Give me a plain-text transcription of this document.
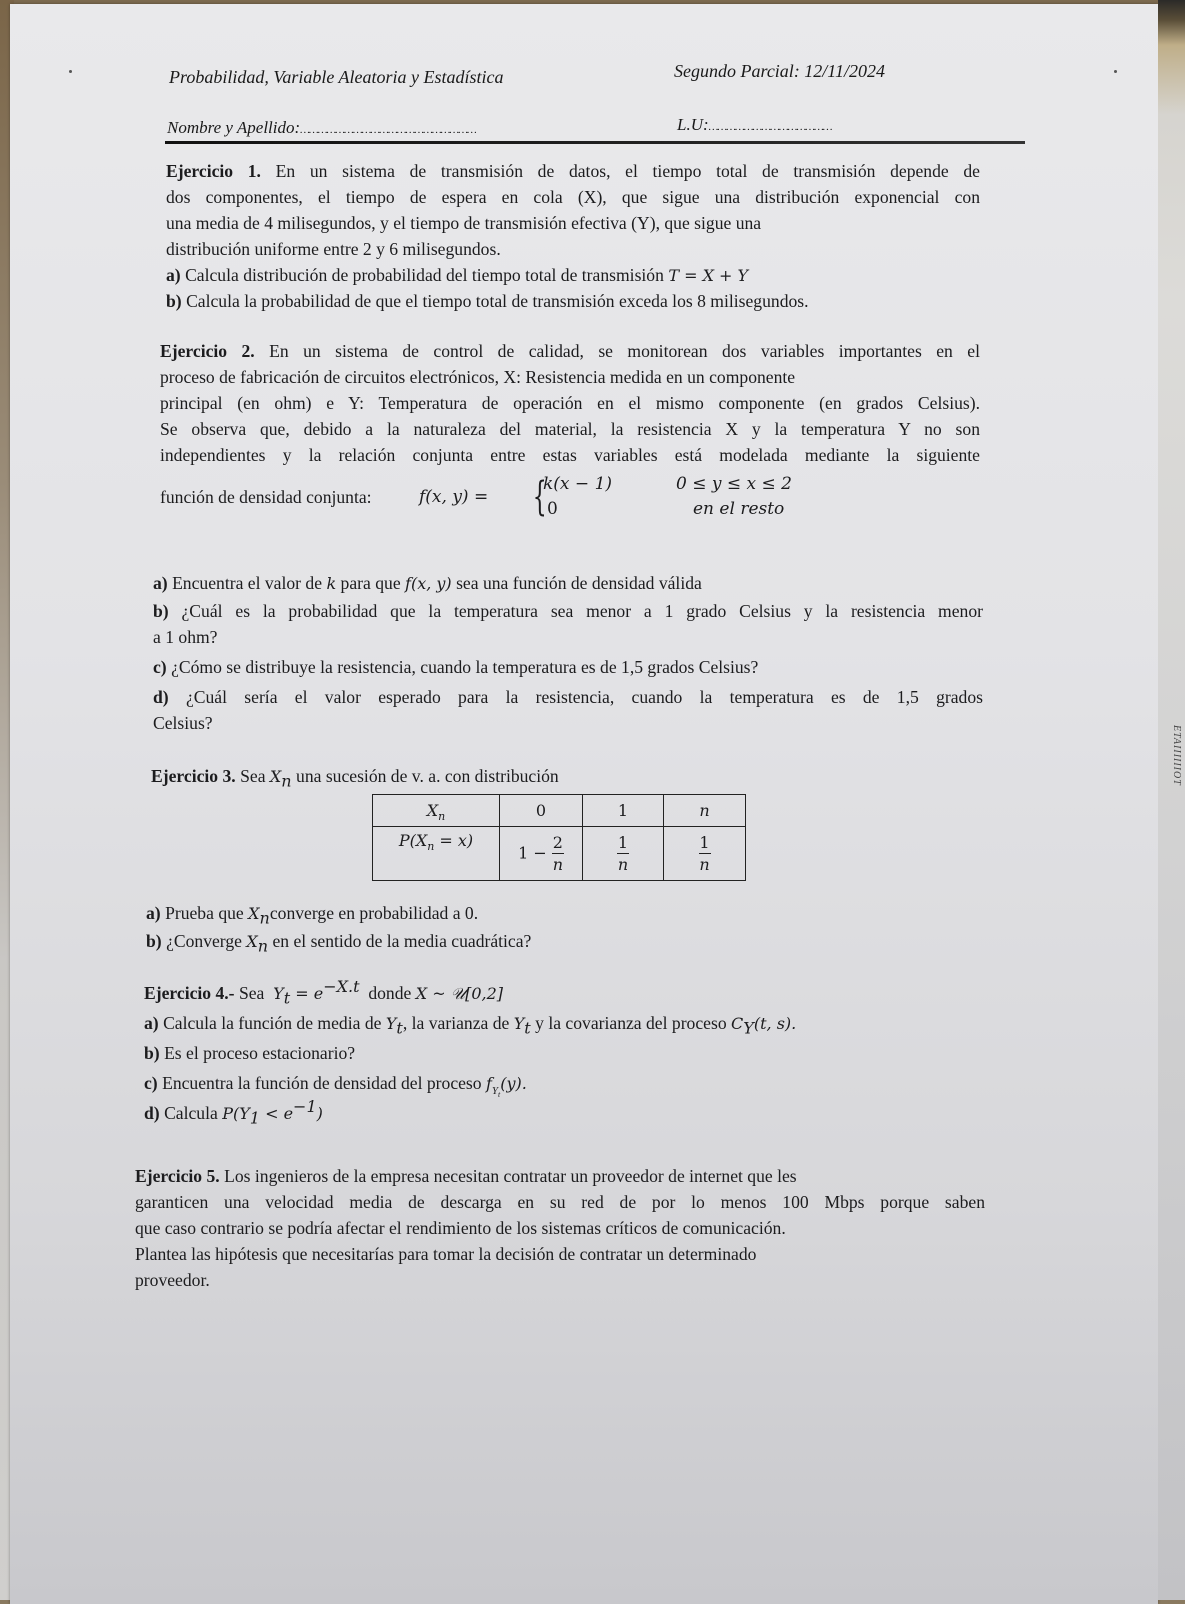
ETAIIIIIIOT
Probabilidad, Variable Aleatoria y Estadística	Segundo Parcial: 12/11/2024
Nombre y Apellido:……………………………………………………	L.U:……………………………………
Ejercicio 1. En un sistema de transmisión de datos, el tiempo total de transmisión depende de
dos componentes, el tiempo de espera en cola (X), que sigue una distribución exponencial con
una media de 4 milisegundos, y el tiempo de transmisión efectiva (Y), que sigue una
distribución uniforme entre 2 y 6 milisegundos.
a) Calcula distribución de probabilidad del tiempo total de transmisión T = X + Y
b) Calcula la probabilidad de que el tiempo total de transmisión exceda los 8 milisegundos.
Ejercicio 2. En un sistema de control de calidad, se monitorean dos variables importantes en el
proceso de fabricación de circuitos electrónicos, X: Resistencia medida en un componente
principal (en ohm) e Y: Temperatura de operación en el mismo componente (en grados Celsius).
Se observa que, debido a la naturaleza del material, la resistencia X y la temperatura Y no son
independientes y la relación conjunta entre estas variables está modelada mediante la siguiente
función de densidad conjunta:	f(x, y) = {
k(x − 1)	0 ≤ y ≤ x ≤ 2
0	en el resto
a) Encuentra el valor de k para que f(x, y) sea una función de densidad válida
b) ¿Cuál es la probabilidad que la temperatura sea menor a 1 grado Celsius y la resistencia menor
a 1 ohm?
c) ¿Cómo se distribuye la resistencia, cuando la temperatura es de 1,5 grados Celsius?
d) ¿Cuál sería el valor esperado para la resistencia, cuando la temperatura es de 1,5 grados
Celsius?
Ejercicio 3. Sea $X_n$ una sucesión de v. a. con distribución
$X_n$	0	1	n
$P(X_n = x)$	$1 - \frac{2}{n}$	$\frac{1}{n}$	$\frac{1}{n}$
a) Prueba que $X_nconverge$ en probabilidad a 0.
b) ¿Converge $X_n$ en el sentido de la media cuadrática?
Ejercicio 4.- Sea $Y_t = e^{-X.t}$ donde X ~ 𝒰[0,2]
a) Calcula la función de media de $Y_t$, la varianza de $Y_t$ y la covarianza del proceso $C_Y(t$, s).
b) Es el proceso estacionario?
c) Encuentra la función de densidad del proceso $f_{Y_t}(y)$.
d) Calcula $P(Y_1 < e^{-1})$
Ejercicio 5. Los ingenieros de la empresa necesitan contratar un proveedor de internet que les
garanticen una velocidad media de descarga en su red de por lo menos 100 Mbps porque saben
que caso contrario se podría afectar el rendimiento de los sistemas críticos de comunicación.
Plantea las hipótesis que necesitarías para tomar la decisión de contratar un determinado
proveedor.
